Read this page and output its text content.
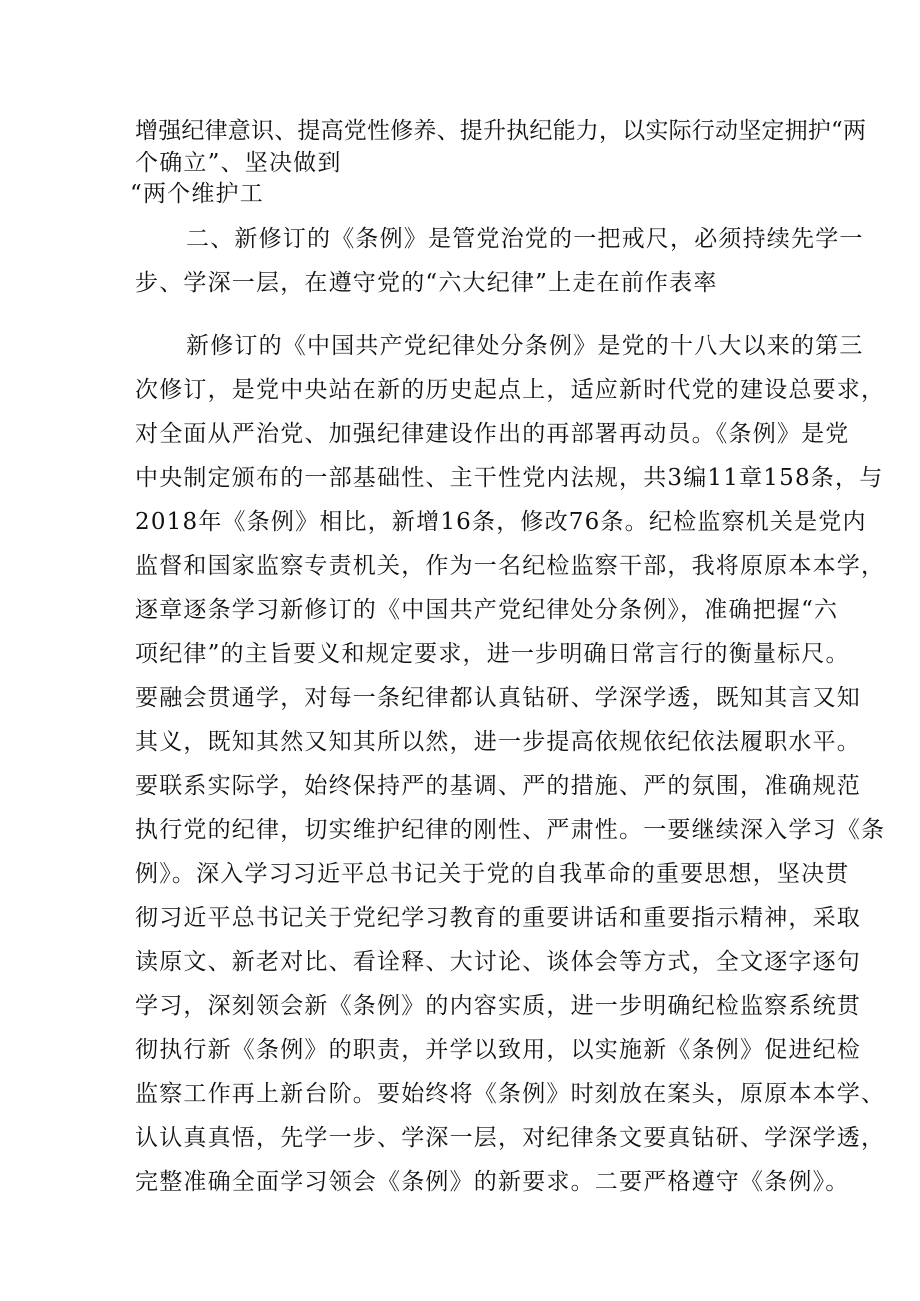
增强纪律意识、提高党性修养、提升执纪能力，以实际行动坚定拥护“两
个确立”、坚决做到
“两个维护工
二、新修订的《条例》是管党治党的一把戒尺，必须持续先学一
步、学深一层，在遵守党的“六大纪律”上走在前作表率
新修订的《中国共产党纪律处分条例》是党的十八大以来的第三
次修订，是党中央站在新的历史起点上，适应新时代党的建设总要求，
对全面从严治党、加强纪律建设作出的再部署再动员。《条例》是党
中央制定颁布的一部基础性、主干性党内法规，共3编11章158条，与
2018年《条例》相比，新增16条，修改76条。纪检监察机关是党内
监督和国家监察专责机关，作为一名纪检监察干部，我将原原本本学，
逐章逐条学习新修订的《中国共产党纪律处分条例》，准确把握“六
项纪律”的主旨要义和规定要求，进一步明确日常言行的衡量标尺。
要融会贯通学，对每一条纪律都认真钻研、学深学透，既知其言又知
其义，既知其然又知其所以然，进一步提高依规依纪依法履职水平。
要联系实际学，始终保持严的基调、严的措施、严的氛围，准确规范
执行党的纪律，切实维护纪律的刚性、严肃性。一要继续深入学习《条
例》。深入学习习近平总书记关于党的自我革命的重要思想，坚决贯
彻习近平总书记关于党纪学习教育的重要讲话和重要指示精神，采取
读原文、新老对比、看诠释、大讨论、谈体会等方式，全文逐字逐句
学习，深刻领会新《条例》的内容实质，进一步明确纪检监察系统贯
彻执行新《条例》的职责，并学以致用，以实施新《条例》促进纪检
监察工作再上新台阶。要始终将《条例》时刻放在案头，原原本本学、
认认真真悟，先学一步、学深一层，对纪律条文要真钻研、学深学透，
完整准确全面学习领会《条例》的新要求。二要严格遵守《条例》。
